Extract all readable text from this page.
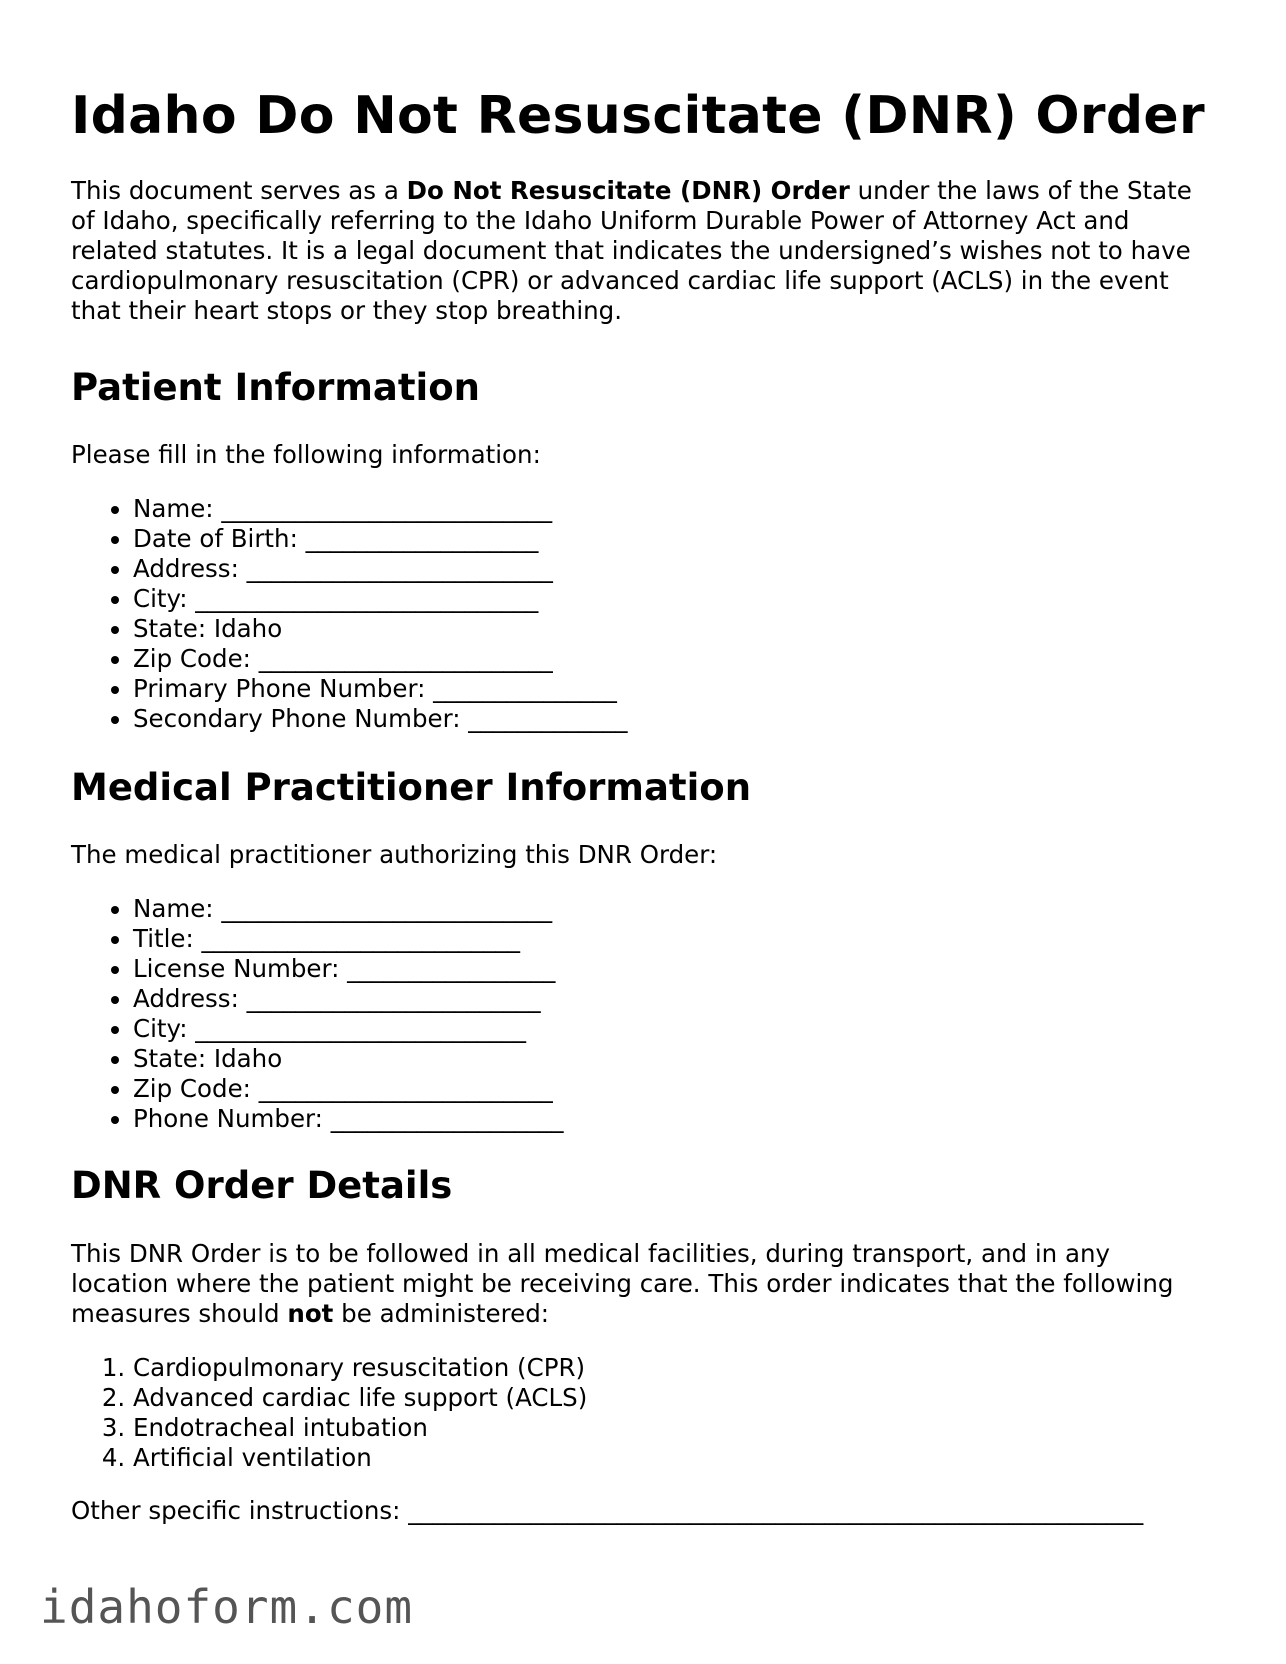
Idaho Do Not Resuscitate (DNR) Order

This document serves as a Do Not Resuscitate (DNR) Order under the laws of the State of Idaho, specifically referring to the Idaho Uniform Durable Power of Attorney Act and related statutes. It is a legal document that indicates the undersigned’s wishes not to have cardiopulmonary resuscitation (CPR) or advanced cardiac life support (ACLS) in the event that their heart stops or they stop breathing.

Patient Information

Please fill in the following information:

• Name: ___________________________
• Date of Birth: ___________________
• Address: _________________________
• City: ____________________________
• State: Idaho
• Zip Code: ________________________
• Primary Phone Number: _______________
• Secondary Phone Number: _____________
Medical Practitioner Information

The medical practitioner authorizing this DNR Order:

• Name: ___________________________
• Title: __________________________
• License Number: _________________
• Address: ________________________
• City: ___________________________
• State: Idaho
• Zip Code: ________________________
• Phone Number: ___________________
DNR Order Details

This DNR Order is to be followed in all medical facilities, during transport, and in any location where the patient might be receiving care. This order indicates that the following measures should not be administered:

1. Cardiopulmonary resuscitation (CPR)
2. Advanced cardiac life support (ACLS)
3. Endotracheal intubation
4. Artificial ventilation

Other specific instructions: ____________________________________________________________

idahoform.com
